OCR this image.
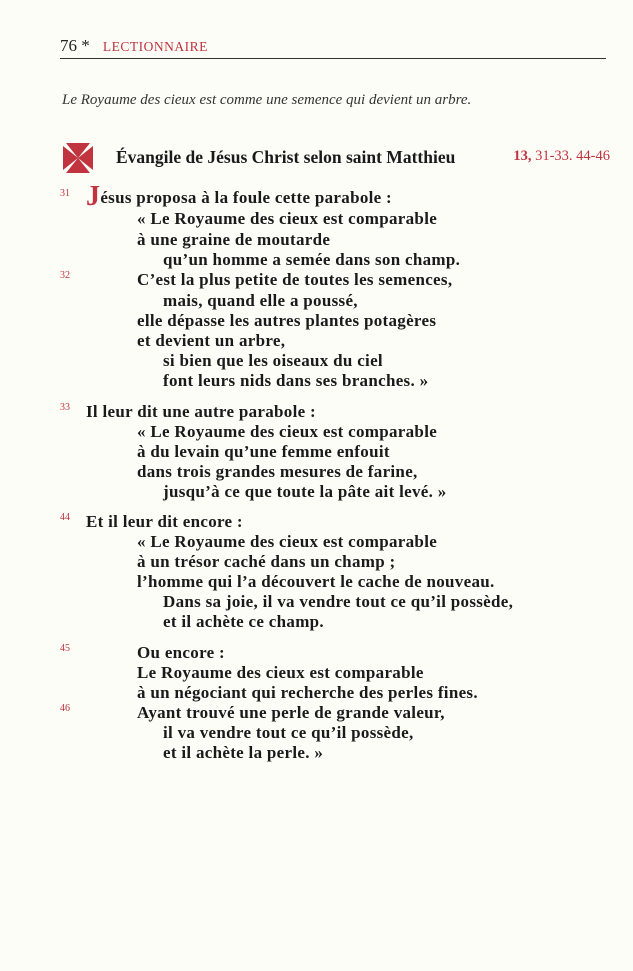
76 * LECTIONNAIRE
Le Royaume des cieux est comme une semence qui devient un arbre.
Évangile de Jésus Christ selon saint Matthieu	13, 31-33. 44-46
31
32
33
44
45
46
Jésus proposa à la foule cette parabole :
« Le Royaume des cieux est comparable
à une graine de moutarde
qu’un homme a semée dans son champ.
C’est la plus petite de toutes les semences,
mais, quand elle a poussé,
elle dépasse les autres plantes potagères
et devient un arbre,
si bien que les oiseaux du ciel
font leurs nids dans ses branches. »
Il leur dit une autre parabole :
« Le Royaume des cieux est comparable
à du levain qu’une femme enfouit
dans trois grandes mesures de farine,
jusqu’à ce que toute la pâte ait levé. »
Et il leur dit encore :
« Le Royaume des cieux est comparable
à un trésor caché dans un champ ;
l’homme qui l’a découvert le cache de nouveau.
Dans sa joie, il va vendre tout ce qu’il possède,
et il achète ce champ.
Ou encore :
Le Royaume des cieux est comparable
à un négociant qui recherche des perles fines.
Ayant trouvé une perle de grande valeur,
il va vendre tout ce qu’il possède,
et il achète la perle. »
